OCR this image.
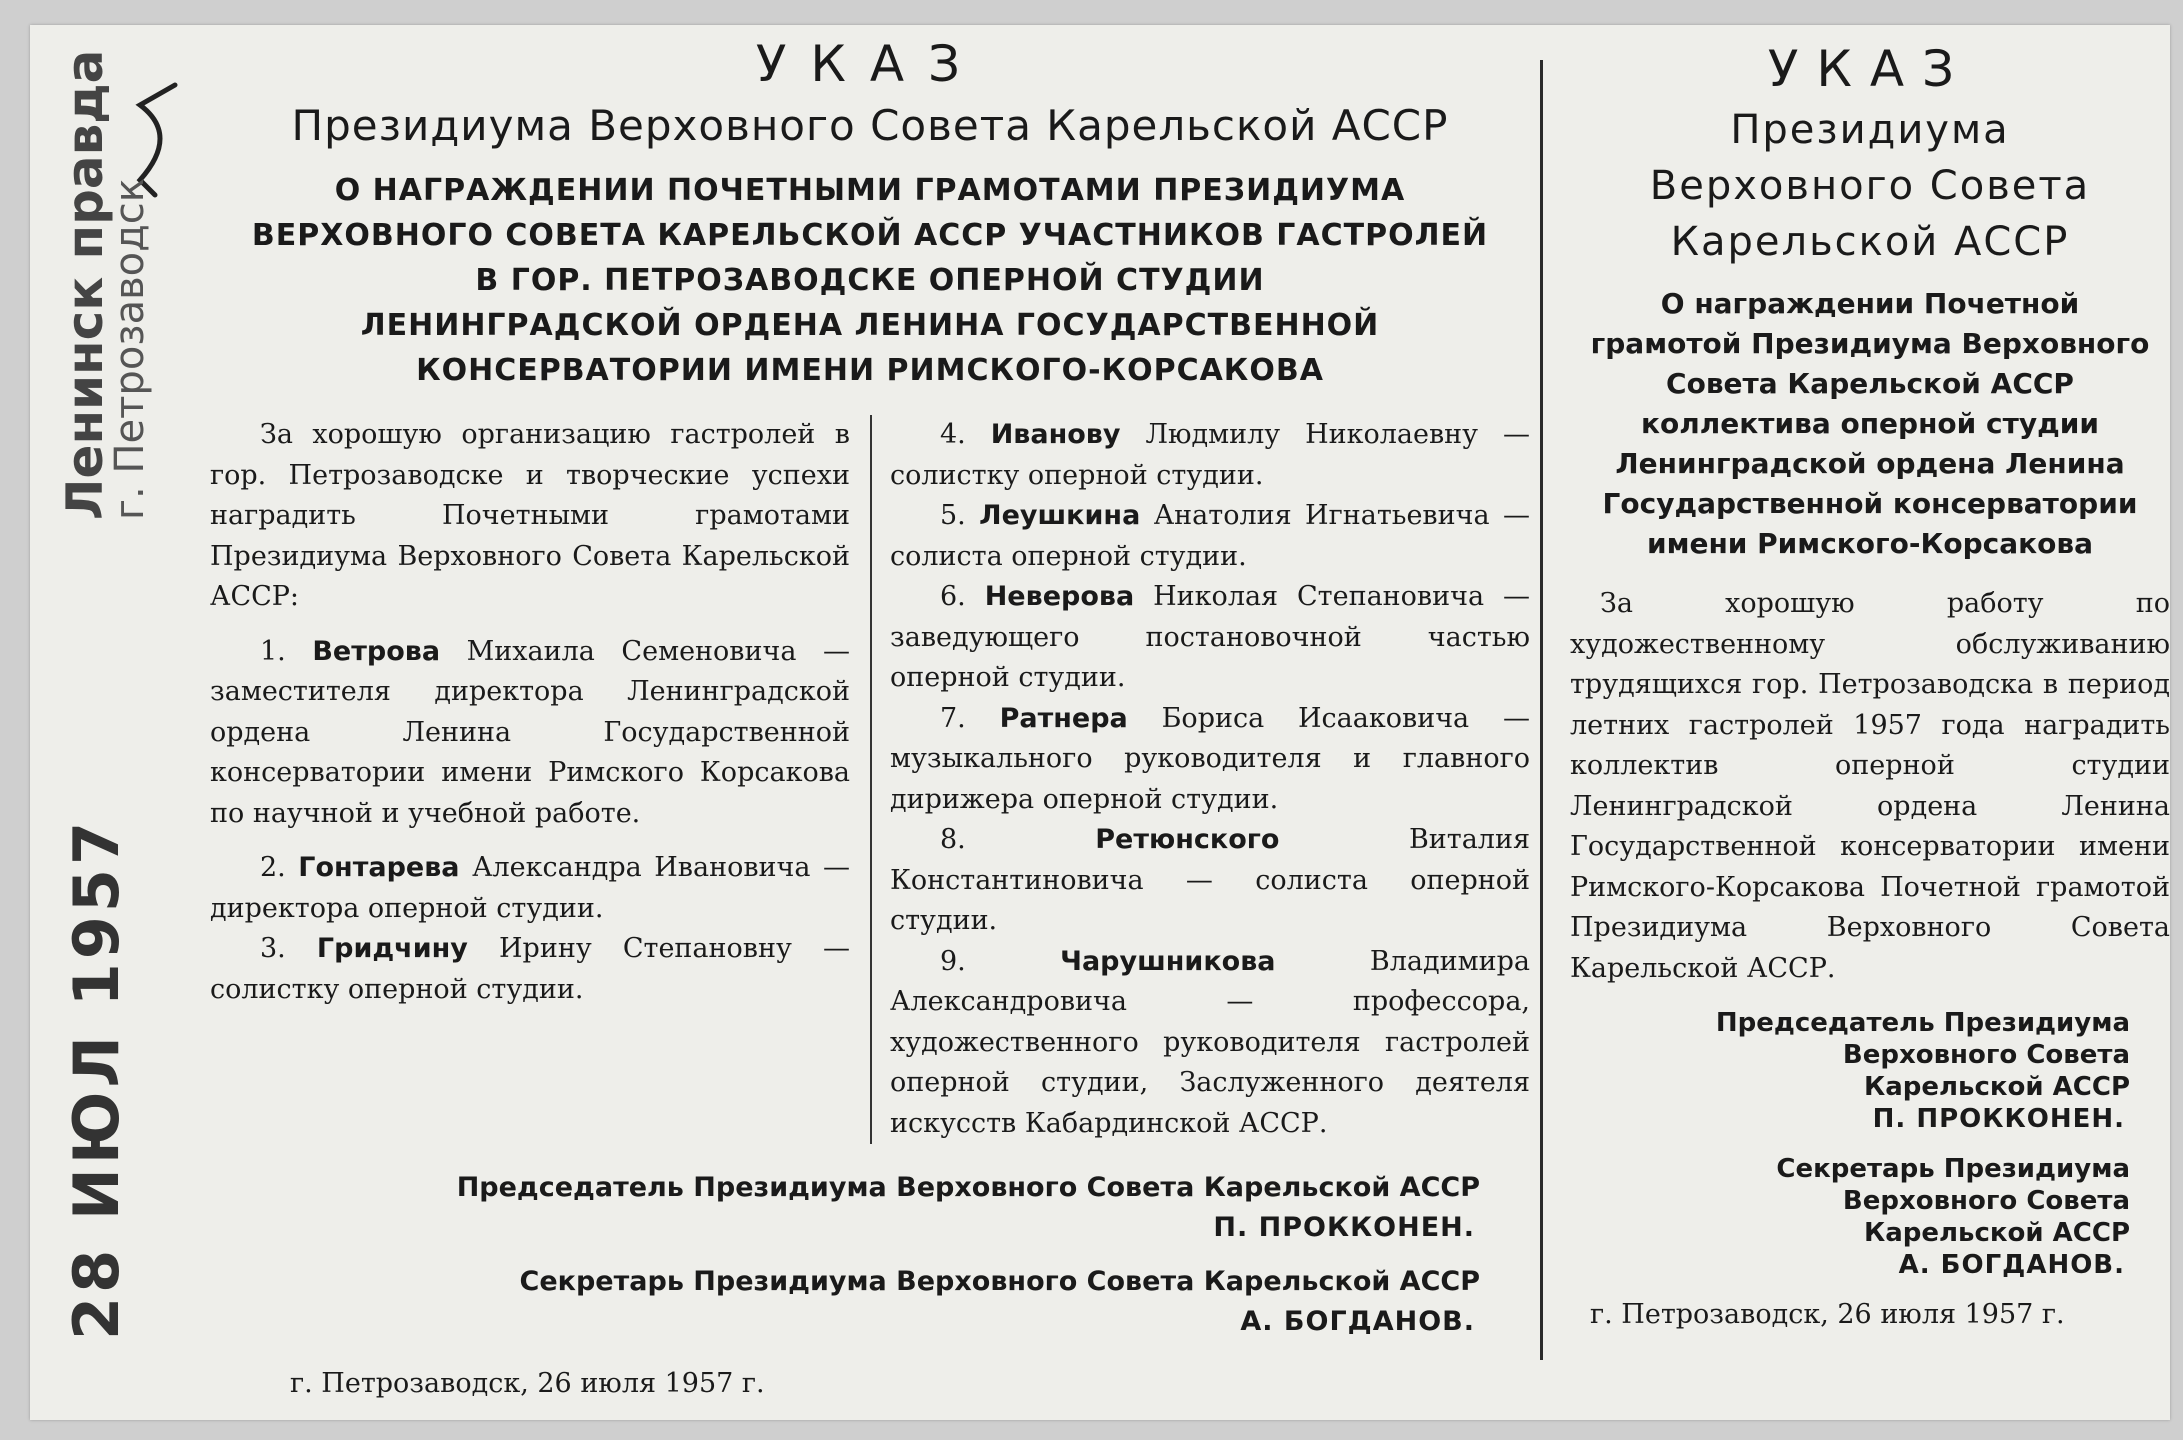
28 ИЮЛ 1957
Ленинск правда
г. Петрозаводск
УКАЗ
Президиума Верховного Совета Карельской АССР
О НАГРАЖДЕНИИ ПОЧЕТНЫМИ ГРАМОТАМИ ПРЕЗИДИУМА
ВЕРХОВНОГО СОВЕТА КАРЕЛЬСКОЙ АССР УЧАСТНИКОВ ГАСТРОЛЕЙ
В ГОР. ПЕТРОЗАВОДСКЕ ОПЕРНОЙ СТУДИИ
ЛЕНИНГРАДСКОЙ ОРДЕНА ЛЕНИНА ГОСУДАРСТВЕННОЙ
КОНСЕРВАТОРИИ ИМЕНИ РИМСКОГО-КОРСАКОВА

За хорошую организацию гастролей в гор. Петрозаводске и творческие успехи наградить Почетными грамотами Президиума Верховного Совета Карельской АССР:

1. Ветрова Михаила Семеновича — заместителя директора Ленинградской ордена Ленина Государственной консерватории имени Римского Корсакова по научной и учебной работе.

2. Гонтарева Александра Ивановича — директора оперной студии.

3. Гридчину Ирину Степановну — солистку оперной студии.

4. Иванову Людмилу Николаевну — солистку оперной студии.

5. Леушкина Анатолия Игнатьевича — солиста оперной студии.

6. Неверова Николая Степановича — заведующего постановочной частью оперной студии.

7. Ратнера Бориса Исааковича — музыкального руководителя и главного дирижера оперной студии.

8.	Ретюнского	Виталия Константиновича — солиста оперной студии.

9.	Чарушникова	Владимира Александровича — профессора, художественного руководителя гастролей оперной студии, Заслуженного деятеля искусств Кабардинской АССР.

Председатель Президиума Верховного Совета Карельской АССР
П. ПРОККОНЕН.
Секретарь Президиума Верховного Совета Карельской АССР
А. БОГДАНОВ.
г. Петрозаводск, 26 июля 1957 г.
УКАЗ
Президиума
Верховного Совета
Карельской АССР
О награждении Почетной
грамотой Президиума Верховного
Совета Карельской АССР
коллектива оперной студии
Ленинградской ордена Ленина
Государственной консерватории
имени Римского-Корсакова
За хорошую работу по художественному обслуживанию трудящихся гор. Петрозаводска в период летних гастролей 1957 года наградить коллектив оперной студии Ленинградской ордена Ленина Государственной консерватории имени Римского-Корсакова Почетной грамотой Президиума Верховного Совета Карельской АССР.
Председатель Президиума
Верховного Совета
Карельской АССР
П. ПРОККОНЕН.
Секретарь Президиума
Верховного Совета
Карельской АССР
А. БОГДАНОВ.
г. Петрозаводск, 26 июля 1957 г.
